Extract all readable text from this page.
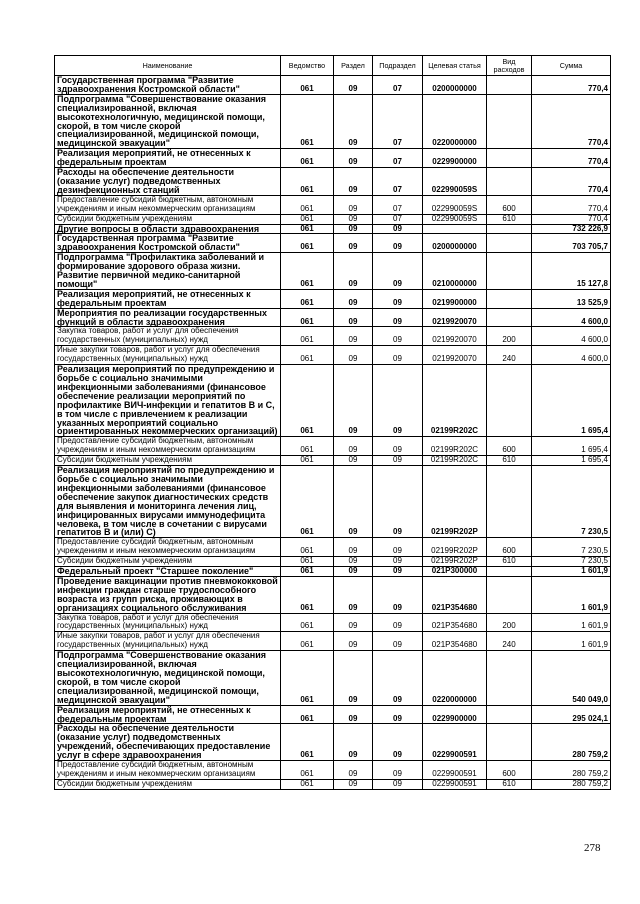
Наименование	Ведомство	Раздел	Подраздел	Целевая статья	Вид расходов	Сумма
Государственная программа "Развитие здравоохранения Костромской области"	061	09	07	0200000000		770,4
Подпрограмма "Совершенствование оказания специализированной, включая высокотехнологичную, медицинской помощи, скорой, в том числе скорой специализированной, медицинской помощи, медицинской эвакуации"	061	09	07	0220000000		770,4
Реализация мероприятий, не отнесенных к федеральным проектам	061	09	07	0229900000		770,4
Расходы на обеспечение деятельности (оказание услуг) подведомственных дезинфекционных станций	061	09	07	022990059S		770,4
Предоставление субсидий бюджетным, автономным учреждениям и иным некоммерческим организациям	061	09	07	022990059S	600	770,4
Субсидии бюджетным учреждениям	061	09	07	022990059S	610	770,4
Другие вопросы в области здравоохранения	061	09	09			732 226,9
Государственная программа "Развитие здравоохранения Костромской области"	061	09	09	0200000000		703 705,7
Подпрограмма "Профилактика заболеваний и формирование здорового образа жизни. Развитие первичной медико-санитарной помощи"	061	09	09	0210000000		15 127,8
Реализация мероприятий, не отнесенных к федеральным проектам	061	09	09	0219900000		13 525,9
Мероприятия по реализации государственных функций в области здравоохранения	061	09	09	0219920070		4 600,0
Закупка товаров, работ и услуг для обеспечения государственных (муниципальных) нужд	061	09	09	0219920070	200	4 600,0
Иные закупки товаров, работ и услуг для обеспечения государственных (муниципальных) нужд	061	09	09	0219920070	240	4 600,0
Реализация мероприятий по предупреждению и борьбе с социально значимыми инфекционными заболеваниями (финансовое обеспечение реализации мероприятий по профилактике ВИЧ-инфекции и гепатитов В и С, в том числе с привлечением к реализации указанных мероприятий социально ориентированных некоммерческих организаций)	061	09	09	02199R202C		1 695,4
Предоставление субсидий бюджетным, автономным учреждениям и иным некоммерческим организациям	061	09	09	02199R202C	600	1 695,4
Субсидии бюджетным учреждениям	061	09	09	02199R202C	610	1 695,4
Реализация мероприятий по предупреждению и борьбе с социально значимыми инфекционными заболеваниями (финансовое обеспечение закупок диагностических средств для выявления и мониторинга лечения лиц, инфицированных вирусами иммунодефицита человека, в том числе в сочетании с вирусами гепатитов В и (или) С)	061	09	09	02199R202P		7 230,5
Предоставление субсидий бюджетным, автономным учреждениям и иным некоммерческим организациям	061	09	09	02199R202P	600	7 230,5
Субсидии бюджетным учреждениям	061	09	09	02199R202P	610	7 230,5
Федеральный проект "Старшее поколение"	061	09	09	021P300000		1 601,9
Проведение вакцинации против пневмококковой инфекции граждан старше трудоспособного возраста из групп риска, проживающих в организациях социального обслуживания	061	09	09	021P354680		1 601,9
Закупка товаров, работ и услуг для обеспечения государственных (муниципальных) нужд	061	09	09	021P354680	200	1 601,9
Иные закупки товаров, работ и услуг для обеспечения государственных (муниципальных) нужд	061	09	09	021P354680	240	1 601,9
Подпрограмма "Совершенствование оказания специализированной, включая высокотехнологичную, медицинской помощи, скорой, в том числе скорой специализированной, медицинской помощи, медицинской эвакуации"	061	09	09	0220000000		540 049,0
Реализация мероприятий, не отнесенных к федеральным проектам	061	09	09	0229900000		295 024,1
Расходы на обеспечение деятельности (оказание услуг) подведомственных учреждений, обеспечивающих предоставление услуг в сфере здравоохранения	061	09	09	0229900591		280 759,2
Предоставление субсидий бюджетным, автономным учреждениям и иным некоммерческим организациям	061	09	09	0229900591	600	280 759,2
Субсидии бюджетным учреждениям	061	09	09	0229900591	610	280 759,2
278
